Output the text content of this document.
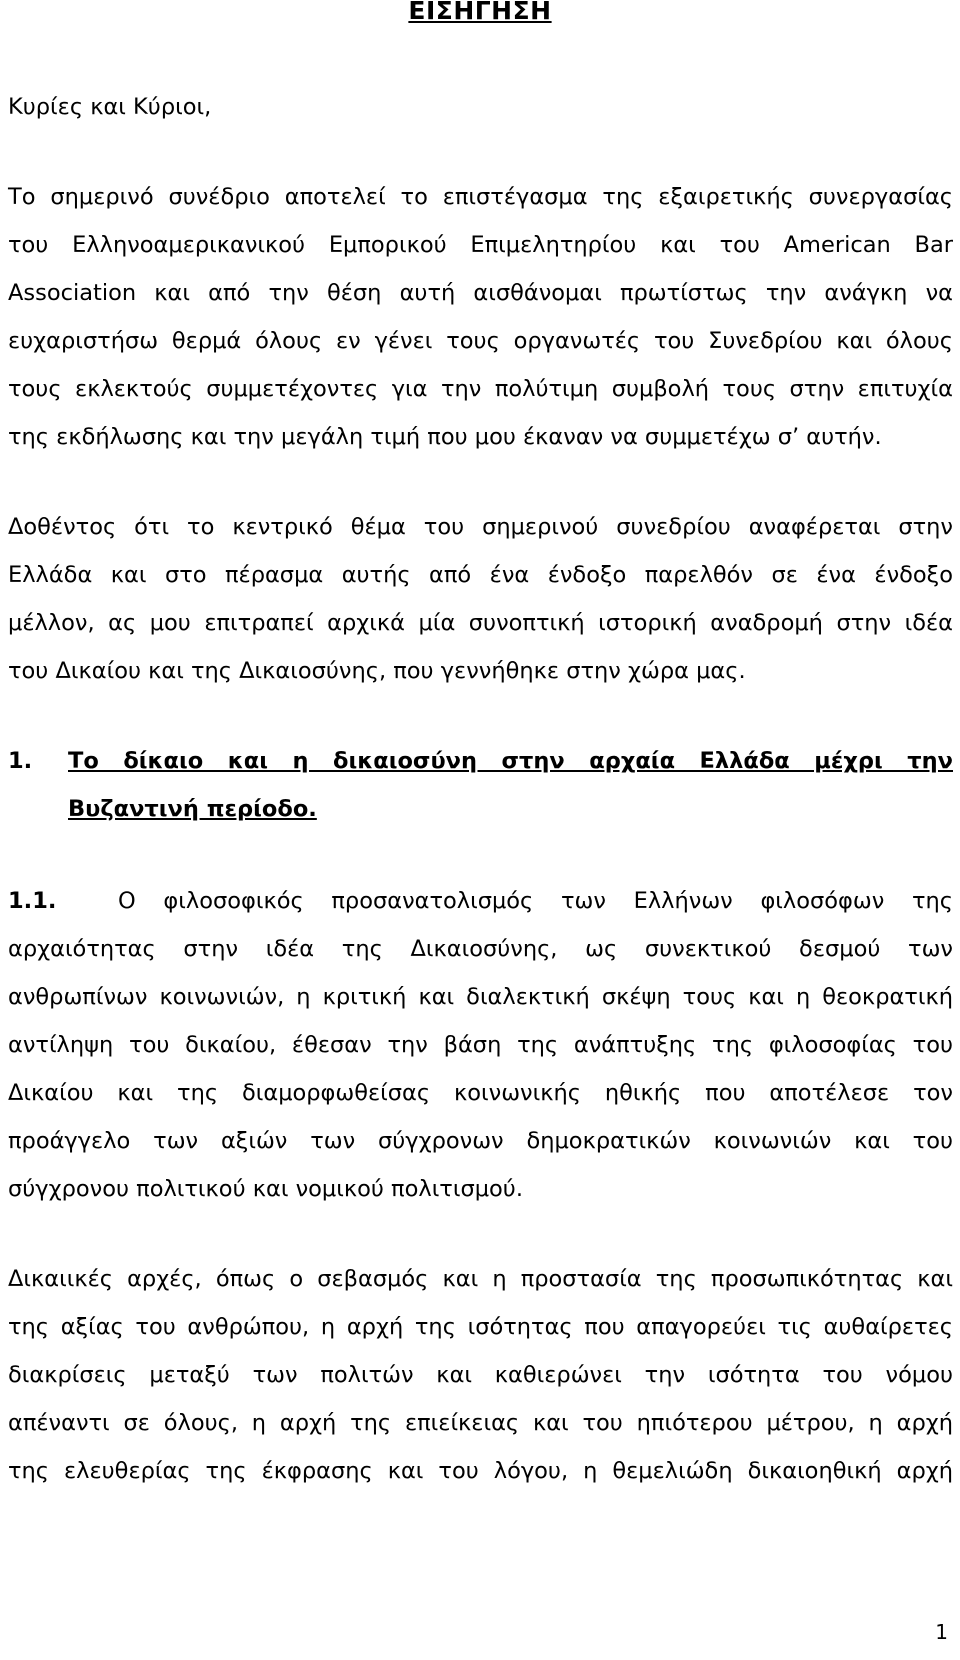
ΕΙΣΗΓΗΣΗ
Κυρίες και Κύριοι,
Το σημερινό συνέδριο αποτελεί το επιστέγασμα της εξαιρετικής συνεργασίας
του Ελληνοαμερικανικού Εμπορικού Επιμελητηρίου και του American Bar
Association και από την θέση αυτή αισθάνομαι πρωτίστως την ανάγκη να
ευχαριστήσω θερμά όλους εν γένει τους οργανωτές του Συνεδρίου και όλους
τους εκλεκτούς συμμετέχοντες για την πολύτιμη συμβολή τους στην επιτυχία
της εκδήλωσης και την μεγάλη τιμή που μου έκαναν να συμμετέχω σ’ αυτήν.
Δοθέντος ότι το κεντρικό θέμα του σημερινού συνεδρίου αναφέρεται στην
Ελλάδα και στο πέρασμα αυτής από ένα ένδοξο παρελθόν σε ένα ένδοξο
μέλλον, ας μου επιτραπεί αρχικά μία συνοπτική ιστορική αναδρομή στην ιδέα
του Δικαίου και της Δικαιοσύνης, που γεννήθηκε στην χώρα μας.
1.	Το δίκαιο και η δικαιοσύνη στην αρχαία Ελλάδα μέχρι την
Βυζαντινή περίοδο.
1.1.	Ο φιλοσοφικός προσανατολισμός των Ελλήνων φιλοσόφων της
αρχαιότητας στην ιδέα της Δικαιοσύνης, ως συνεκτικού δεσμού των
ανθρωπίνων κοινωνιών, η κριτική και διαλεκτική σκέψη τους και η θεοκρατική
αντίληψη του δικαίου, έθεσαν την βάση της ανάπτυξης της φιλοσοφίας του
Δικαίου και της διαμορφωθείσας κοινωνικής ηθικής που αποτέλεσε τον
προάγγελο των αξιών των σύγχρονων δημοκρατικών κοινωνιών και του
σύγχρονου πολιτικού και νομικού πολιτισμού.
Δικαιικές αρχές, όπως ο σεβασμός και η προστασία της προσωπικότητας και
της αξίας του ανθρώπου, η αρχή της ισότητας που απαγορεύει τις αυθαίρετες
διακρίσεις μεταξύ των πολιτών και καθιερώνει την ισότητα του νόμου
απέναντι σε όλους, η αρχή της επιείκειας και του ηπιότερου μέτρου, η αρχή
της ελευθερίας της έκφρασης και του λόγου, η θεμελιώδη δικαιοηθική αρχή
1
